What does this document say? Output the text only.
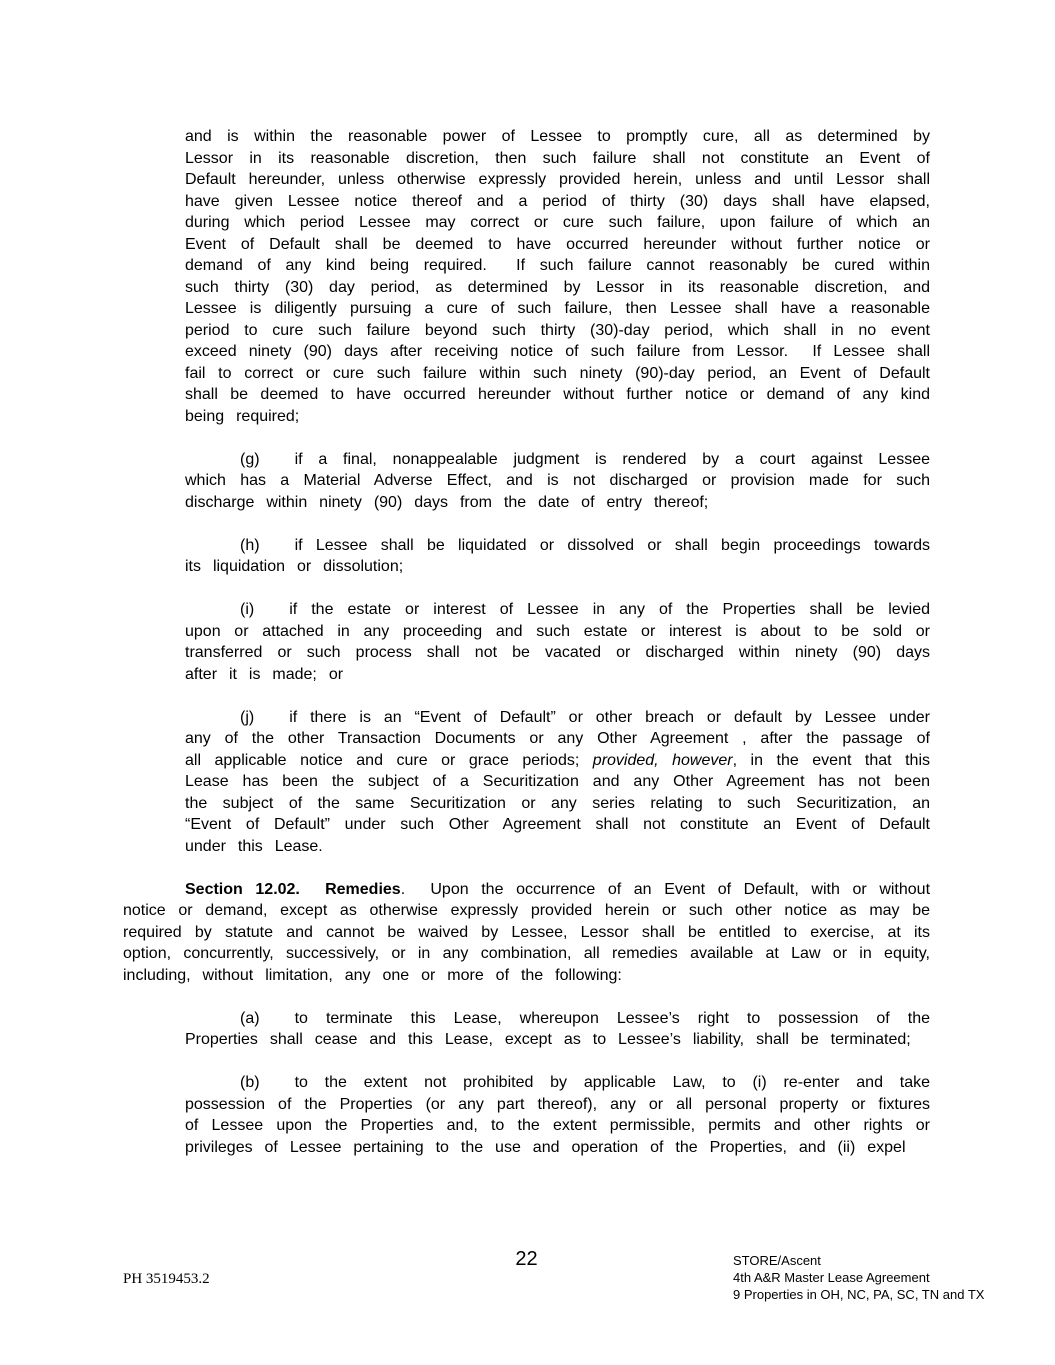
and is within the reasonable power of Lessee to promptly cure, all as determined by Lessor in its reasonable discretion, then such failure shall not constitute an Event of Default hereunder, unless otherwise expressly provided herein, unless and until Lessor shall have given Lessee notice thereof and a period of thirty (30) days shall have elapsed, during which period Lessee may correct or cure such failure, upon failure of which an Event of Default shall be deemed to have occurred hereunder without further notice or demand of any kind being required.  If such failure cannot reasonably be cured within such thirty (30) day period, as determined by Lessor in its reasonable discretion, and Lessee is diligently pursuing a cure of such failure, then Lessee shall have a reasonable period to cure such failure beyond such thirty (30)-day period, which shall in no event exceed ninety (90) days after receiving notice of such failure from Lessor.  If Lessee shall fail to correct or cure such failure within such ninety (90)-day period, an Event of Default shall be deemed to have occurred hereunder without further notice or demand of any kind being required;

(g) if a final, nonappealable judgment is rendered by a court against Lessee which has a Material Adverse Effect, and is not discharged or provision made for such discharge within ninety (90) days from the date of entry thereof;

(h) if Lessee shall be liquidated or dissolved or shall begin proceedings towards its liquidation or dissolution;

(i) if the estate or interest of Lessee in any of the Properties shall be levied upon or attached in any proceeding and such estate or interest is about to be sold or transferred or such process shall not be vacated or discharged within ninety (90) days after it is made; or

(j) if there is an “Event of Default” or other breach or default by Lessee under any of the other Transaction Documents or any Other Agreement , after the passage of all applicable notice and cure or grace periods; provided, however, in the event that this Lease has been the subject of a Securitization and any Other Agreement has not been the subject of the same Securitization or any series relating to such Securitization, an “Event of Default” under such Other Agreement shall not constitute an Event of Default under this Lease.

Section 12.02.  Remedies.  Upon the occurrence of an Event of Default, with or without notice or demand, except as otherwise expressly provided herein or such other notice as may be required by statute and cannot be waived by Lessee, Lessor shall be entitled to exercise, at its option, concurrently, successively, or in any combination, all remedies available at Law or in equity, including, without limitation, any one or more of the following:

(a) to terminate this Lease, whereupon Lessee’s right to possession of the Properties shall cease and this Lease, except as to Lessee’s liability, shall be terminated;

(b) to the extent not prohibited by applicable Law, to (i) re-enter and take possession of the Properties (or any part thereof), any or all personal property or fixtures of Lessee upon the Properties and, to the extent permissible, permits and other rights or privileges of Lessee pertaining to the use and operation of the Properties, and (ii) expel

22
PH 3519453.2
STORE/Ascent
4th A&R Master Lease Agreement
9 Properties in OH, NC, PA, SC, TN and TX
